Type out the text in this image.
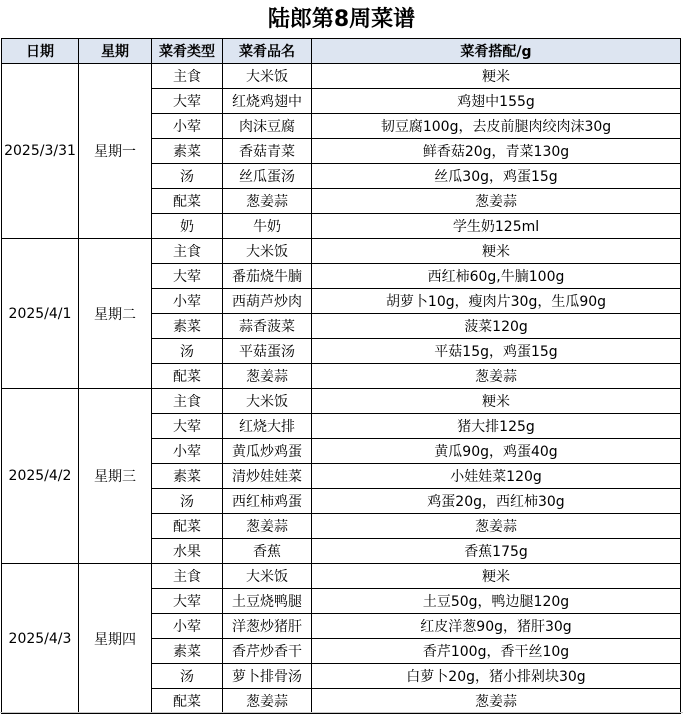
陆郎第8周菜谱
日期	星期	菜肴类型	菜肴品名	菜肴搭配/g
2025/3/31	星期一	主食	大米饭	粳米
		大荤	红烧鸡翅中	鸡翅中155g
		小荤	肉沫豆腐	韧豆腐100g，去皮前腿肉绞肉沫30g
		素菜	香菇青菜	鲜香菇20g，青菜130g
		汤	丝瓜蛋汤	丝瓜30g，鸡蛋15g
		配菜	葱姜蒜	葱姜蒜
		奶	牛奶	学生奶125ml
2025/4/1	星期二	主食	大米饭	粳米
		大荤	番茄烧牛腩	西红柿60g,牛腩100g
		小荤	西葫芦炒肉	胡萝卜10g，瘦肉片30g，生瓜90g
		素菜	蒜香菠菜	菠菜120g
		汤	平菇蛋汤	平菇15g，鸡蛋15g
		配菜	葱姜蒜	葱姜蒜
2025/4/2	星期三	主食	大米饭	粳米
		大荤	红烧大排	猪大排125g
		小荤	黄瓜炒鸡蛋	黄瓜90g，鸡蛋40g
		素菜	清炒娃娃菜	小娃娃菜120g
		汤	西红柿鸡蛋	鸡蛋20g，西红柿30g
		配菜	葱姜蒜	葱姜蒜
		水果	香蕉	香蕉175g
2025/4/3	星期四	主食	大米饭	粳米
		大荤	土豆烧鸭腿	土豆50g，鸭边腿120g
		小荤	洋葱炒猪肝	红皮洋葱90g，猪肝30g
		素菜	香芹炒香干	香芹100g，香干丝10g
		汤	萝卜排骨汤	白萝卜20g，猪小排剁块30g
		配菜	葱姜蒜	葱姜蒜
